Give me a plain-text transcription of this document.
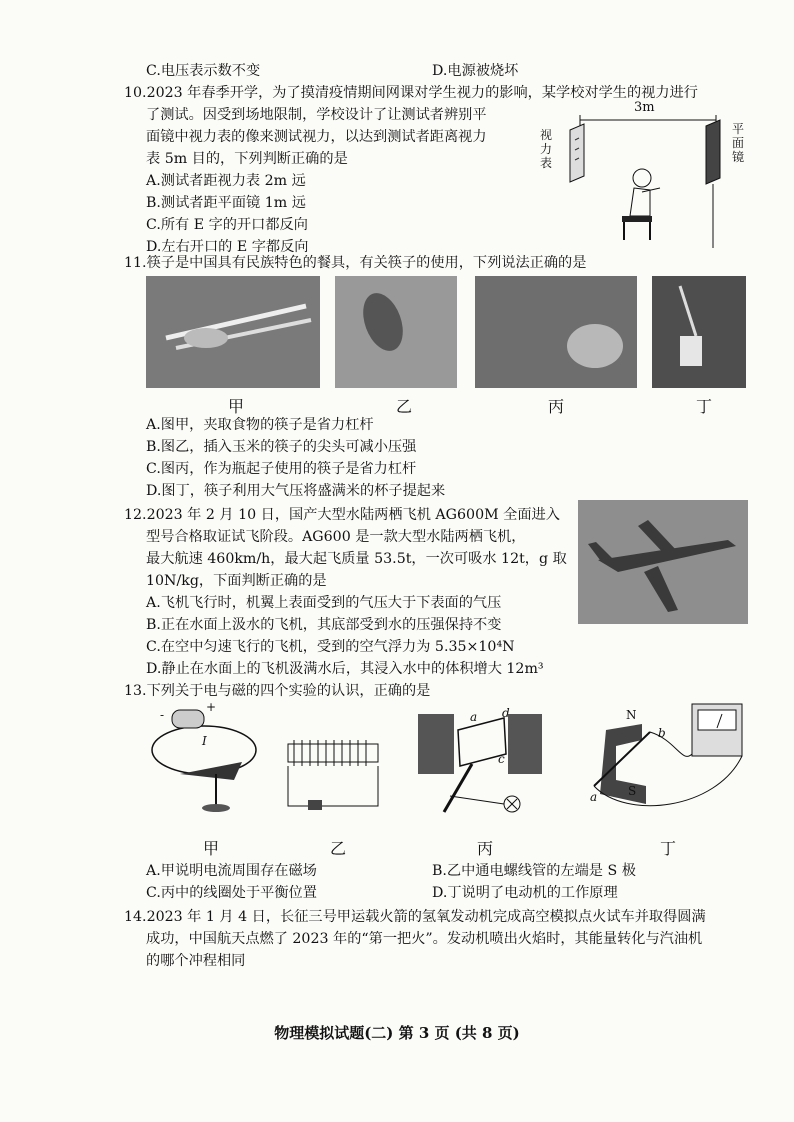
C.电压表示数不变	D.电源被烧坏
10.2023 年春季开学，为了摸清疫情期间网课对学生视力的影响，某学校对学生的视力进行
了测试。因受到场地限制，学校设计了让测试者辨别平
面镜中视力表的像来测试视力，以达到测试者距离视力
表 5m 目的，下列判断正确的是
A.测试者距视力表 2m 远
B.测试者距平面镜 1m 远
C.所有 E 字的开口都反向
D.左右开口的 E 字都反向
3m
视力表
平面镜
11.筷子是中国具有民族特色的餐具，有关筷子的使用，下列说法正确的是
甲	乙	丙	丁
A.图甲，夹取食物的筷子是省力杠杆
B.图乙，插入玉米的筷子的尖头可减小压强
C.图丙，作为瓶起子使用的筷子是省力杠杆
D.图丁，筷子利用大气压将盛满米的杯子提起来
12.2023 年 2 月 10 日，国产大型水陆两栖飞机 AG600M 全面进入
型号合格取证试飞阶段。AG600 是一款大型水陆两栖飞机，
最大航速 460km/h，最大起飞质量 53.5t，一次可吸水 12t，g 取
10N/kg，下面判断正确的是
A.飞机飞行时，机翼上表面受到的气压大于下表面的气压
B.正在水面上汲水的飞机，其底部受到水的压强保持不变
C.在空中匀速飞行的飞机，受到的空气浮力为 5.35×10⁴N
D.静止在水面上的飞机汲满水后，其浸入水中的体积增大 12m³
13.下列关于电与磁的四个实验的认识，正确的是
+
-
I
a d
c
N
S
a
b
甲	乙	丙	丁
A.甲说明电流周围存在磁场	B.乙中通电螺线管的左端是 S 极
C.丙中的线圈处于平衡位置	D.丁说明了电动机的工作原理
14.2023 年 1 月 4 日，长征三号甲运载火箭的氢氧发动机完成高空模拟点火试车并取得圆满
成功，中国航天点燃了 2023 年的“第一把火”。发动机喷出火焰时，其能量转化与汽油机
的哪个冲程相同
物理模拟试题(二) 第 3 页 (共 8 页)
